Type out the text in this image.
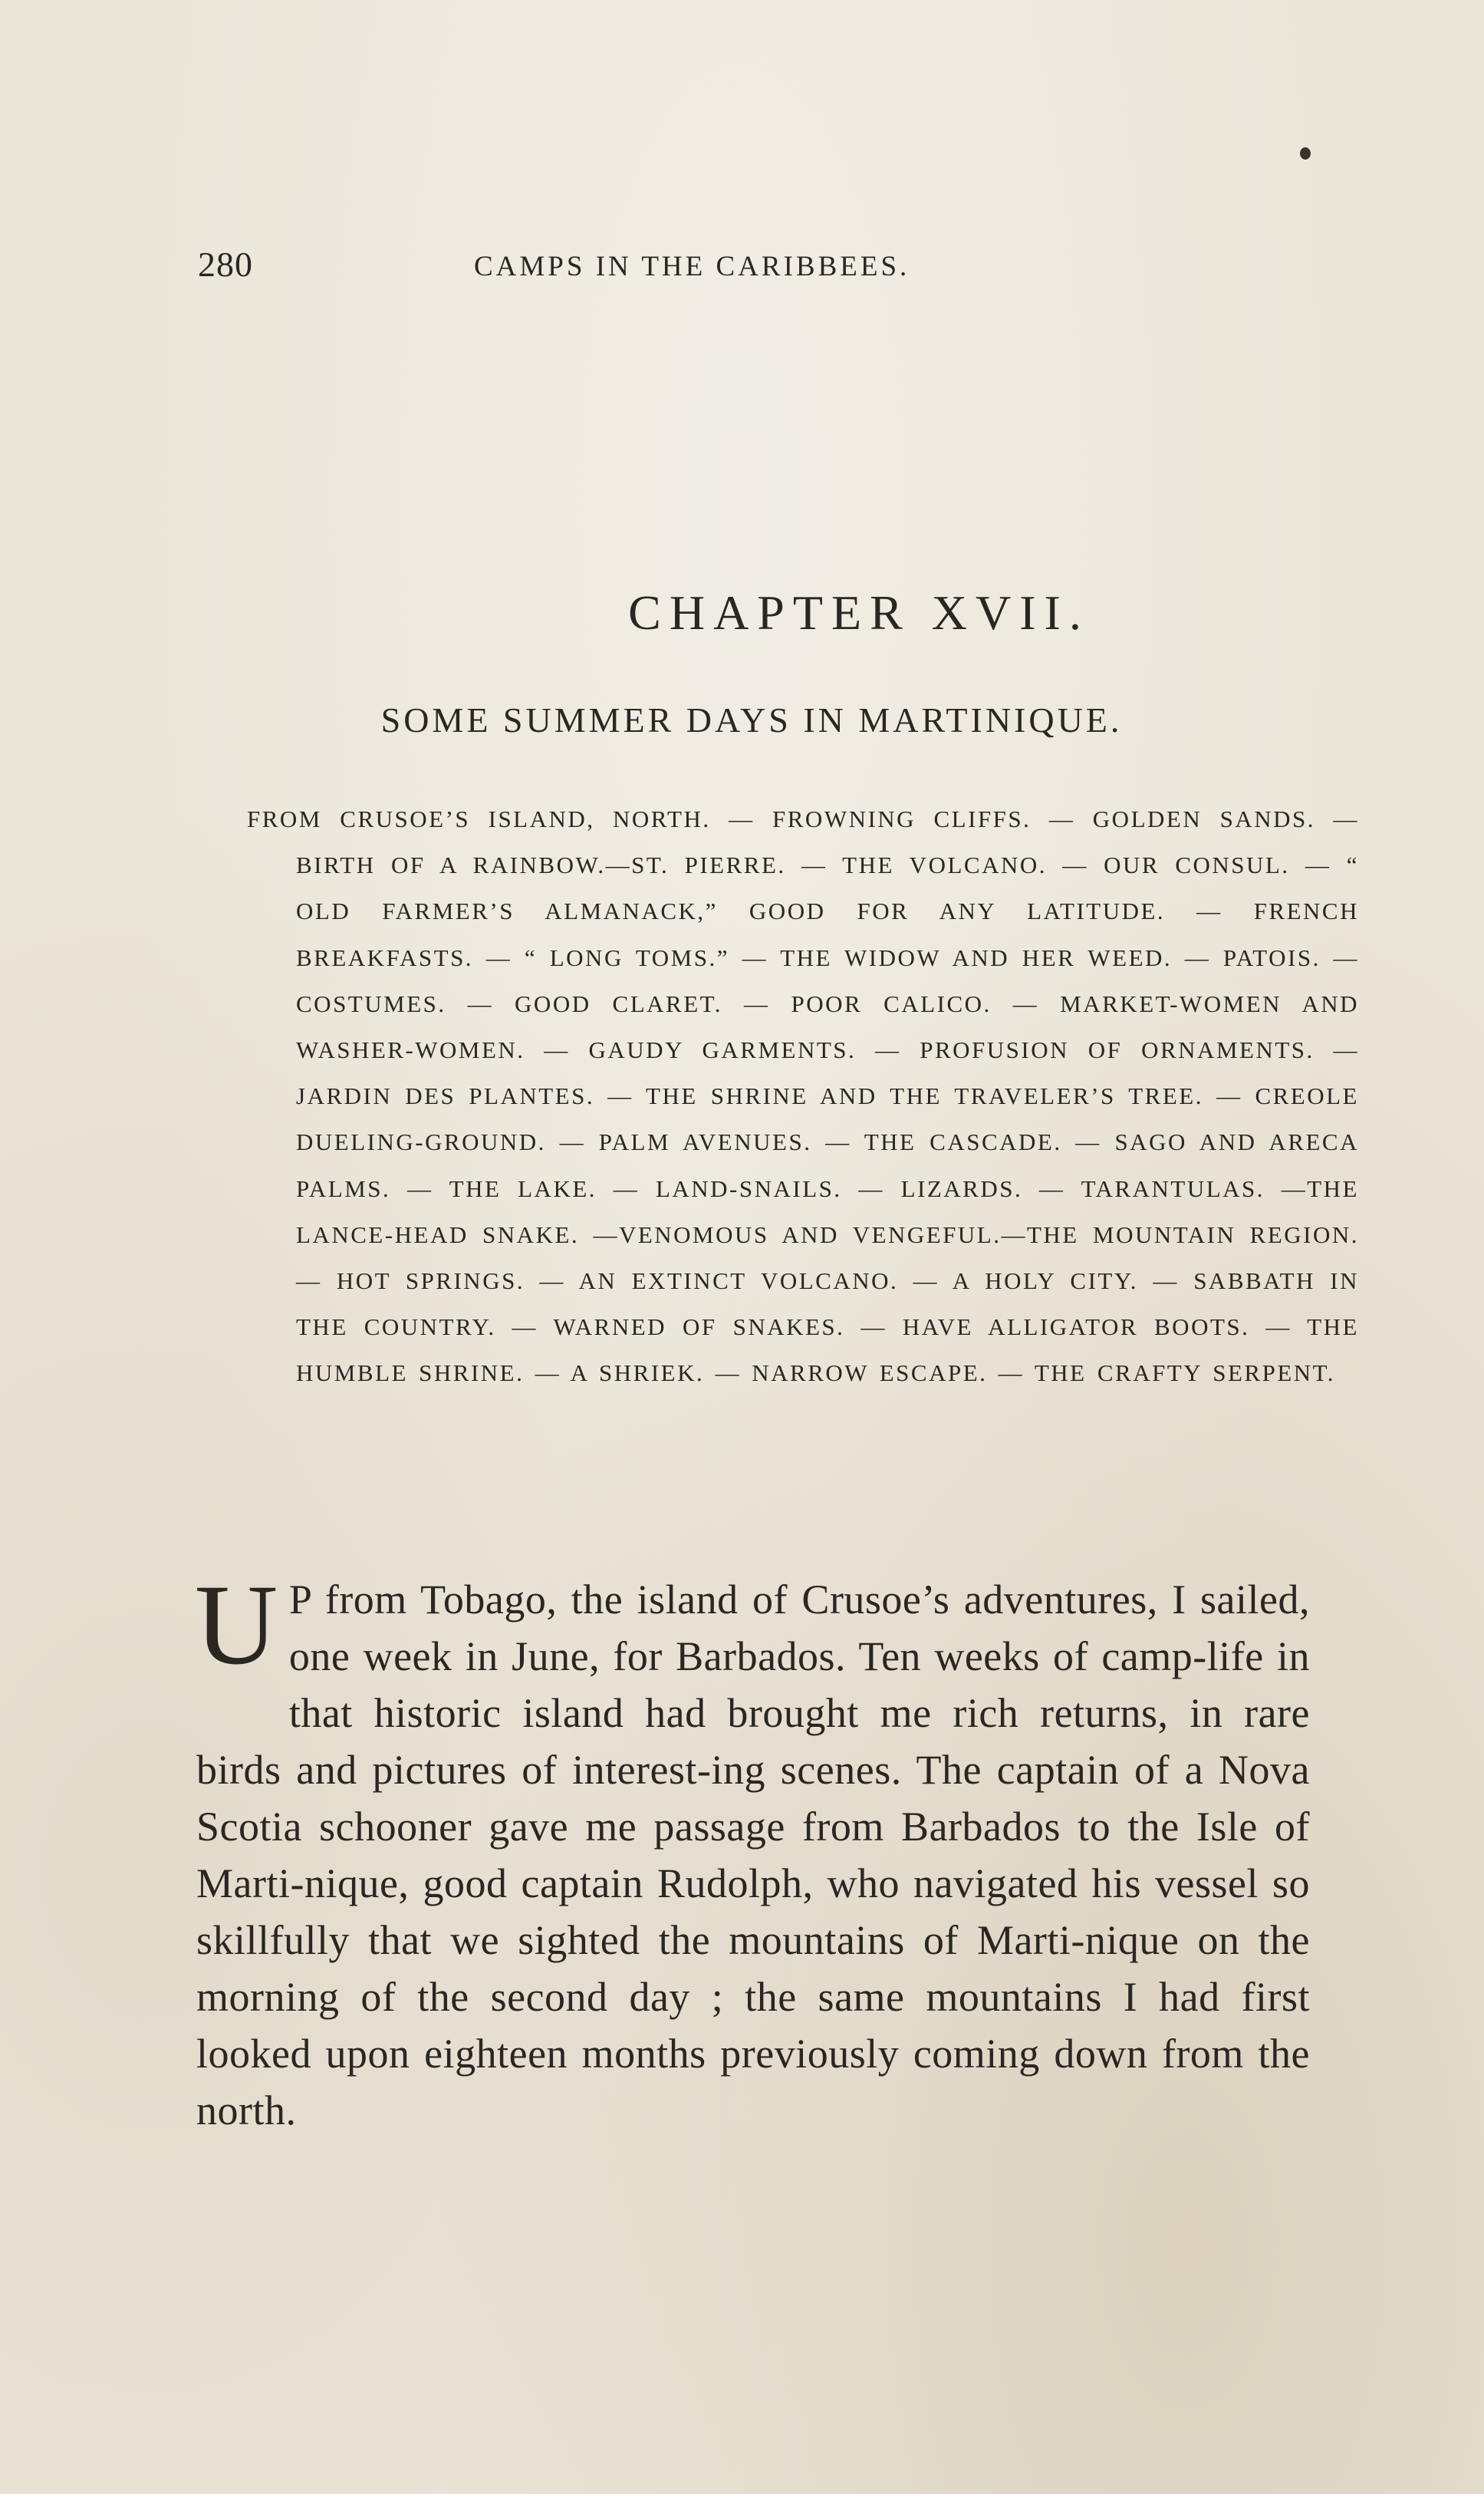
280	CAMPS IN THE CARIBBEES.
CHAPTER XVII.
SOME SUMMER DAYS IN MARTINIQUE.
FROM CRUSOE’S ISLAND, NORTH. — FROWNING CLIFFS. — GOLDEN SANDS. — BIRTH OF A RAINBOW.—ST. PIERRE. — THE VOLCANO. — OUR CONSUL. — “ OLD FARMER’S ALMANACK,” GOOD FOR ANY LATITUDE. — FRENCH BREAKFASTS. — “ LONG TOMS.” — THE WIDOW AND HER WEED. — PATOIS. — COSTUMES. — GOOD CLARET. — POOR CALICO. — MARKET-WOMEN AND WASHER-WOMEN. — GAUDY GARMENTS. — PROFUSION OF ORNAMENTS. — JARDIN DES PLANTES. — THE SHRINE AND THE TRAVELER’S TREE. — CREOLE DUELING-GROUND. — PALM AVENUES. — THE CASCADE. — SAGO AND ARECA PALMS. — THE LAKE. — LAND-SNAILS. — LIZARDS. — TARANTULAS. —THE LANCE-HEAD SNAKE. —VENOMOUS AND VENGEFUL.—THE MOUNTAIN REGION. — HOT SPRINGS. — AN EXTINCT VOLCANO. — A HOLY CITY. — SABBATH IN THE COUNTRY. — WARNED OF SNAKES. — HAVE ALLIGATOR BOOTS. — THE HUMBLE SHRINE. — A SHRIEK. — NARROW ESCAPE. — THE CRAFTY SERPENT.

U P from Tobago, the island of Crusoe’s adventures, I sailed, one week in June, for Barbados. Ten weeks of camp-life in that historic island had brought me rich returns, in rare birds and pictures of interest-ing scenes. The captain of a Nova Scotia schooner gave me passage from Barbados to the Isle of Marti-nique, good captain Rudolph, who navigated his vessel so skillfully that we sighted the mountains of Marti-nique on the morning of the second day ; the same mountains I had first looked upon eighteen months previously coming down from the north.
